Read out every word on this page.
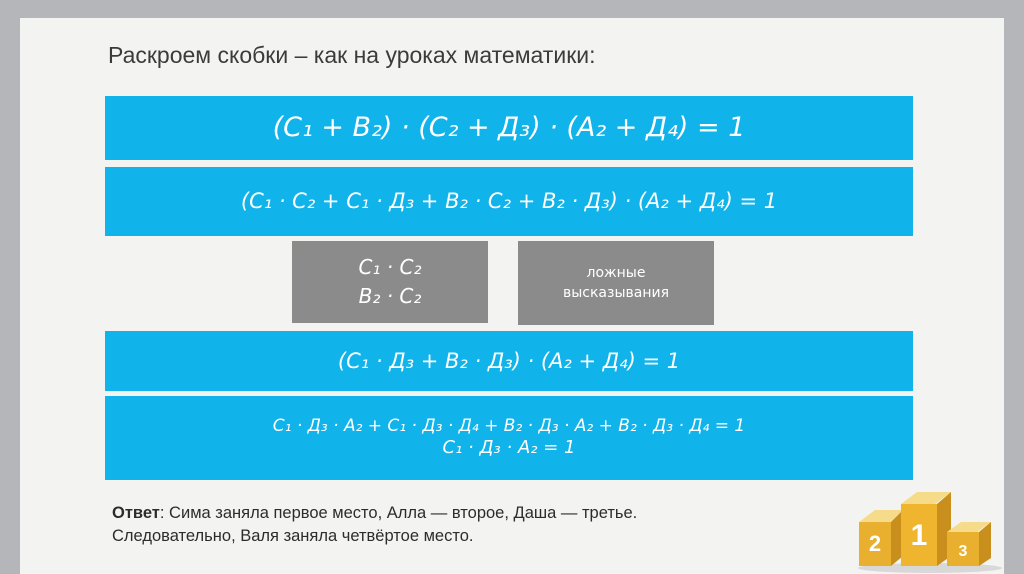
Раскроем скобки – как на уроках математики:
(С₁ + В₂) · (С₂ + Д₃) · (А₂ + Д₄) = 1
(С₁ · С₂ + С₁ · Д₃ + В₂ · С₂ + В₂ · Д₃) · (А₂ + Д₄) = 1
С₁ · С₂
В₂ · С₂
ложные
высказывания
(С₁ · Д₃ + В₂ · Д₃) · (А₂ + Д₄) = 1
С₁ · Д₃ · А₂ + С₁ · Д₃ · Д₄ + В₂ · Д₃ · А₂ + В₂ · Д₃ · Д₄ = 1
С₁ · Д₃ · А₂ = 1
Ответ: Сима заняла первое место, Алла — второе, Даша — третье.
Следовательно, Валя заняла четвёртое место.	2 1 3
